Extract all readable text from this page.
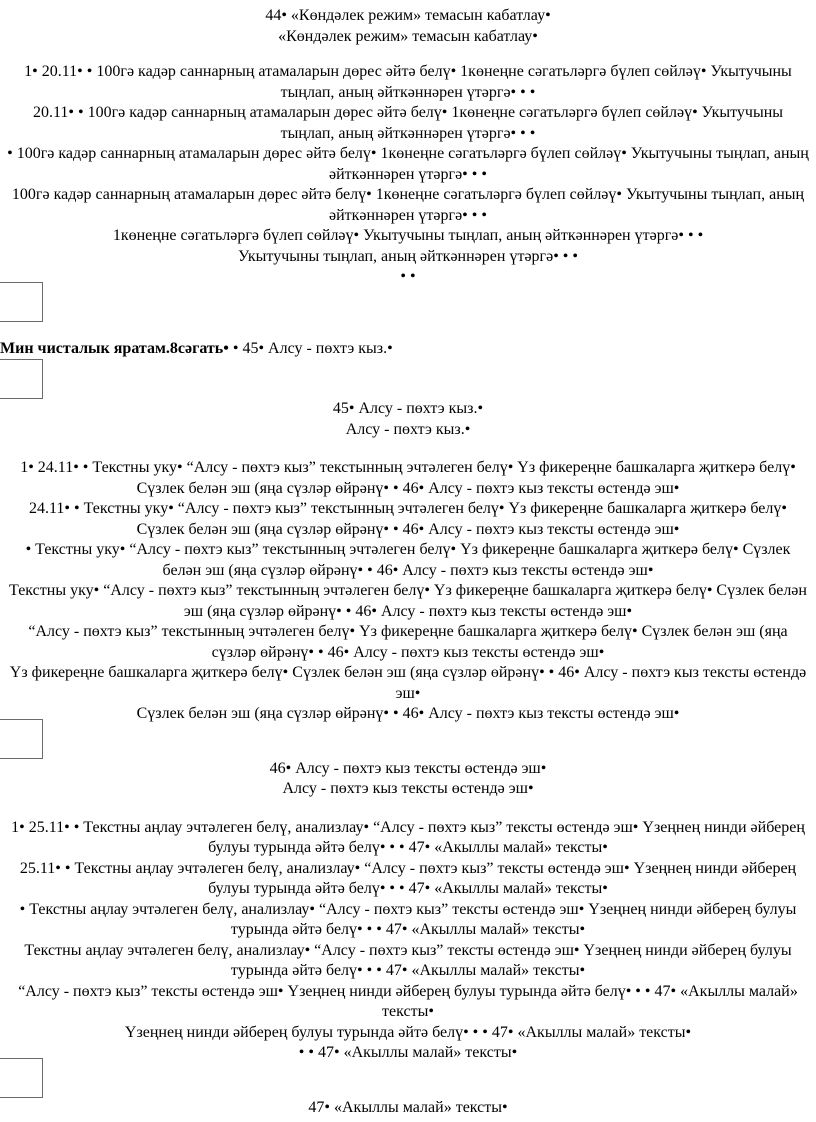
44• «Көндәлек режим» темасын кабатлау•

«Көндәлек режим» темасын кабатлау•

1• 20.11• • 100гә кадәр саннарның атамаларын дөрес әйтә белү• 1көнеңне сәгатьләргә бүлеп сөйләү• Укытучыны тыңлап, аның әйткәннәрен үтәргә• • •

20.11• • 100гә кадәр саннарның атамаларын дөрес әйтә белү• 1көнеңне сәгатьләргә бүлеп сөйләү• Укытучыны тыңлап, аның әйткәннәрен үтәргә• • •

• 100гә кадәр саннарның атамаларын дөрес әйтә белү• 1көнеңне сәгатьләргә бүлеп сөйләү• Укытучыны тыңлап, аның әйткәннәрен үтәргә• • •

100гә кадәр саннарның атамаларын дөрес әйтә белү• 1көнеңне сәгатьләргә бүлеп сөйләү• Укытучыны тыңлап, аның әйткәннәрен үтәргә• • •

1көнеңне сәгатьләргә бүлеп сөйләү• Укытучыны тыңлап, аның әйткәннәрен үтәргә• • •

Укытучыны тыңлап, аның әйткәннәрен үтәргә• • •

• •

Мин чисталык яратам.8сәгать• • 45• Алсу - пөхтэ кыз.•

45• Алсу - пөхтэ кыз.•

Алсу - пөхтэ кыз.•

1• 24.11• • Текстны уку• “Алсу - пөхтэ кыз” текстынның эчтәлеген белү• Үз фикереңне башкаларга җиткерә белү• Сүзлек белән эш (яңа сүзләр өйрәнү• • 46• Алсу - пөхтэ кыз тексты өстендә эш•

24.11• • Текстны уку• “Алсу - пөхтэ кыз” текстынның эчтәлеген белү• Үз фикереңне башкаларга җиткерә белү• Сүзлек белән эш (яңа сүзләр өйрәнү• • 46• Алсу - пөхтэ кыз тексты өстендә эш•

• Текстны уку• “Алсу - пөхтэ кыз” текстынның эчтәлеген белү• Үз фикереңне башкаларга җиткерә белү• Сүзлек белән эш (яңа сүзләр өйрәнү• • 46• Алсу - пөхтэ кыз тексты өстендә эш•

Текстны уку• “Алсу - пөхтэ кыз” текстынның эчтәлеген белү• Үз фикереңне башкаларга җиткерә белү• Сүзлек белән эш (яңа сүзләр өйрәнү• • 46• Алсу - пөхтэ кыз тексты өстендә эш•

“Алсу - пөхтэ кыз” текстынның эчтәлеген белү• Үз фикереңне башкаларга җиткерә белү• Сүзлек белән эш (яңа сүзләр өйрәнү• • 46• Алсу - пөхтэ кыз тексты өстендә эш•

Үз фикереңне башкаларга җиткерә белү• Сүзлек белән эш (яңа сүзләр өйрәнү• • 46• Алсу - пөхтэ кыз тексты өстендә эш•

Сүзлек белән эш (яңа сүзләр өйрәнү• • 46• Алсу - пөхтэ кыз тексты өстендә эш•

46• Алсу - пөхтэ кыз тексты өстендә эш•

Алсу - пөхтэ кыз тексты өстендә эш•

1• 25.11• • Текстны аңлау эчтәлеген белү, анализлау• “Алсу - пөхтэ кыз” тексты өстендә эш• Үзеңнең нинди әйберең булуы турында әйтә белү• • • 47• «Акыллы малай» тексты•

25.11• • Текстны аңлау эчтәлеген белү, анализлау• “Алсу - пөхтэ кыз” тексты өстендә эш• Үзеңнең нинди әйберең булуы турында әйтә белү• • • 47• «Акыллы малай» тексты•

• Текстны аңлау эчтәлеген белү, анализлау• “Алсу - пөхтэ кыз” тексты өстендә эш• Үзеңнең нинди әйберең булуы турында әйтә белү• • • 47• «Акыллы малай» тексты•

Текстны аңлау эчтәлеген белү, анализлау• “Алсу - пөхтэ кыз” тексты өстендә эш• Үзеңнең нинди әйберең булуы турында әйтә белү• • • 47• «Акыллы малай» тексты•

“Алсу - пөхтэ кыз” тексты өстендә эш• Үзеңнең нинди әйберең булуы турында әйтә белү• • • 47• «Акыллы малай» тексты•

Үзеңнең нинди әйберең булуы турында әйтә белү• • • 47• «Акыллы малай» тексты•

• • 47• «Акыллы малай» тексты•

47• «Акыллы малай» тексты•
